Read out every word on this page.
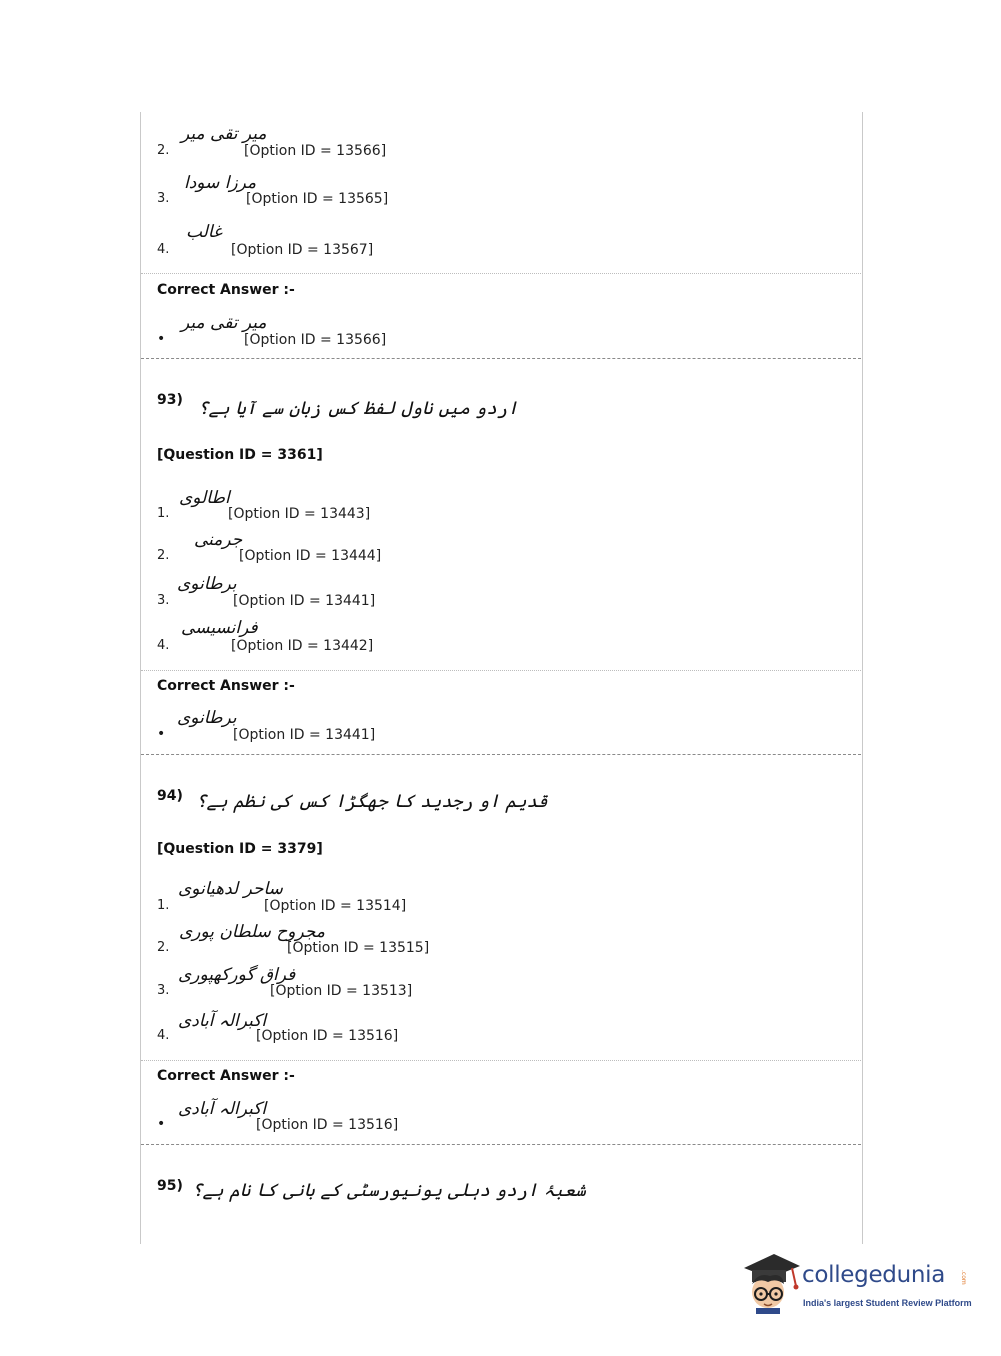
2.
میر تقی میر
[Option ID = 13566]
3.
مرزا سودا
[Option ID = 13565]
4.
غالب
[Option ID = 13567]
Correct Answer :-
•
میر تقی میر
[Option ID = 13566]
93) اردو میں ناول لفظ کس زبان سے آیا ہے؟
[Question ID = 3361]
1.
اطالوی
[Option ID = 13443]
2.
جرمنی
[Option ID = 13444]
3.
برطانوی
[Option ID = 13441]
4.
فرانسیسی
[Option ID = 13442]
Correct Answer :-
•
برطانوی
[Option ID = 13441]
94) قدیم او رجدید کا جھگڑا کس کی نظم ہے؟
[Question ID = 3379]
1.
ساحر لدھیانوی
[Option ID = 13514]
2.
مجروح سلطان پوری
[Option ID = 13515]
3.
فراق گورکھپوری
[Option ID = 13513]
4.
اکبرالہ آبادی
[Option ID = 13516]
Correct Answer :-
•
اکبرالہ آبادی
[Option ID = 13516]
95) شعبۂ اردو دہلی یونیورسٹی کے بانی کا نام ہے؟
collegedunia .com
India's largest Student Review Platform
